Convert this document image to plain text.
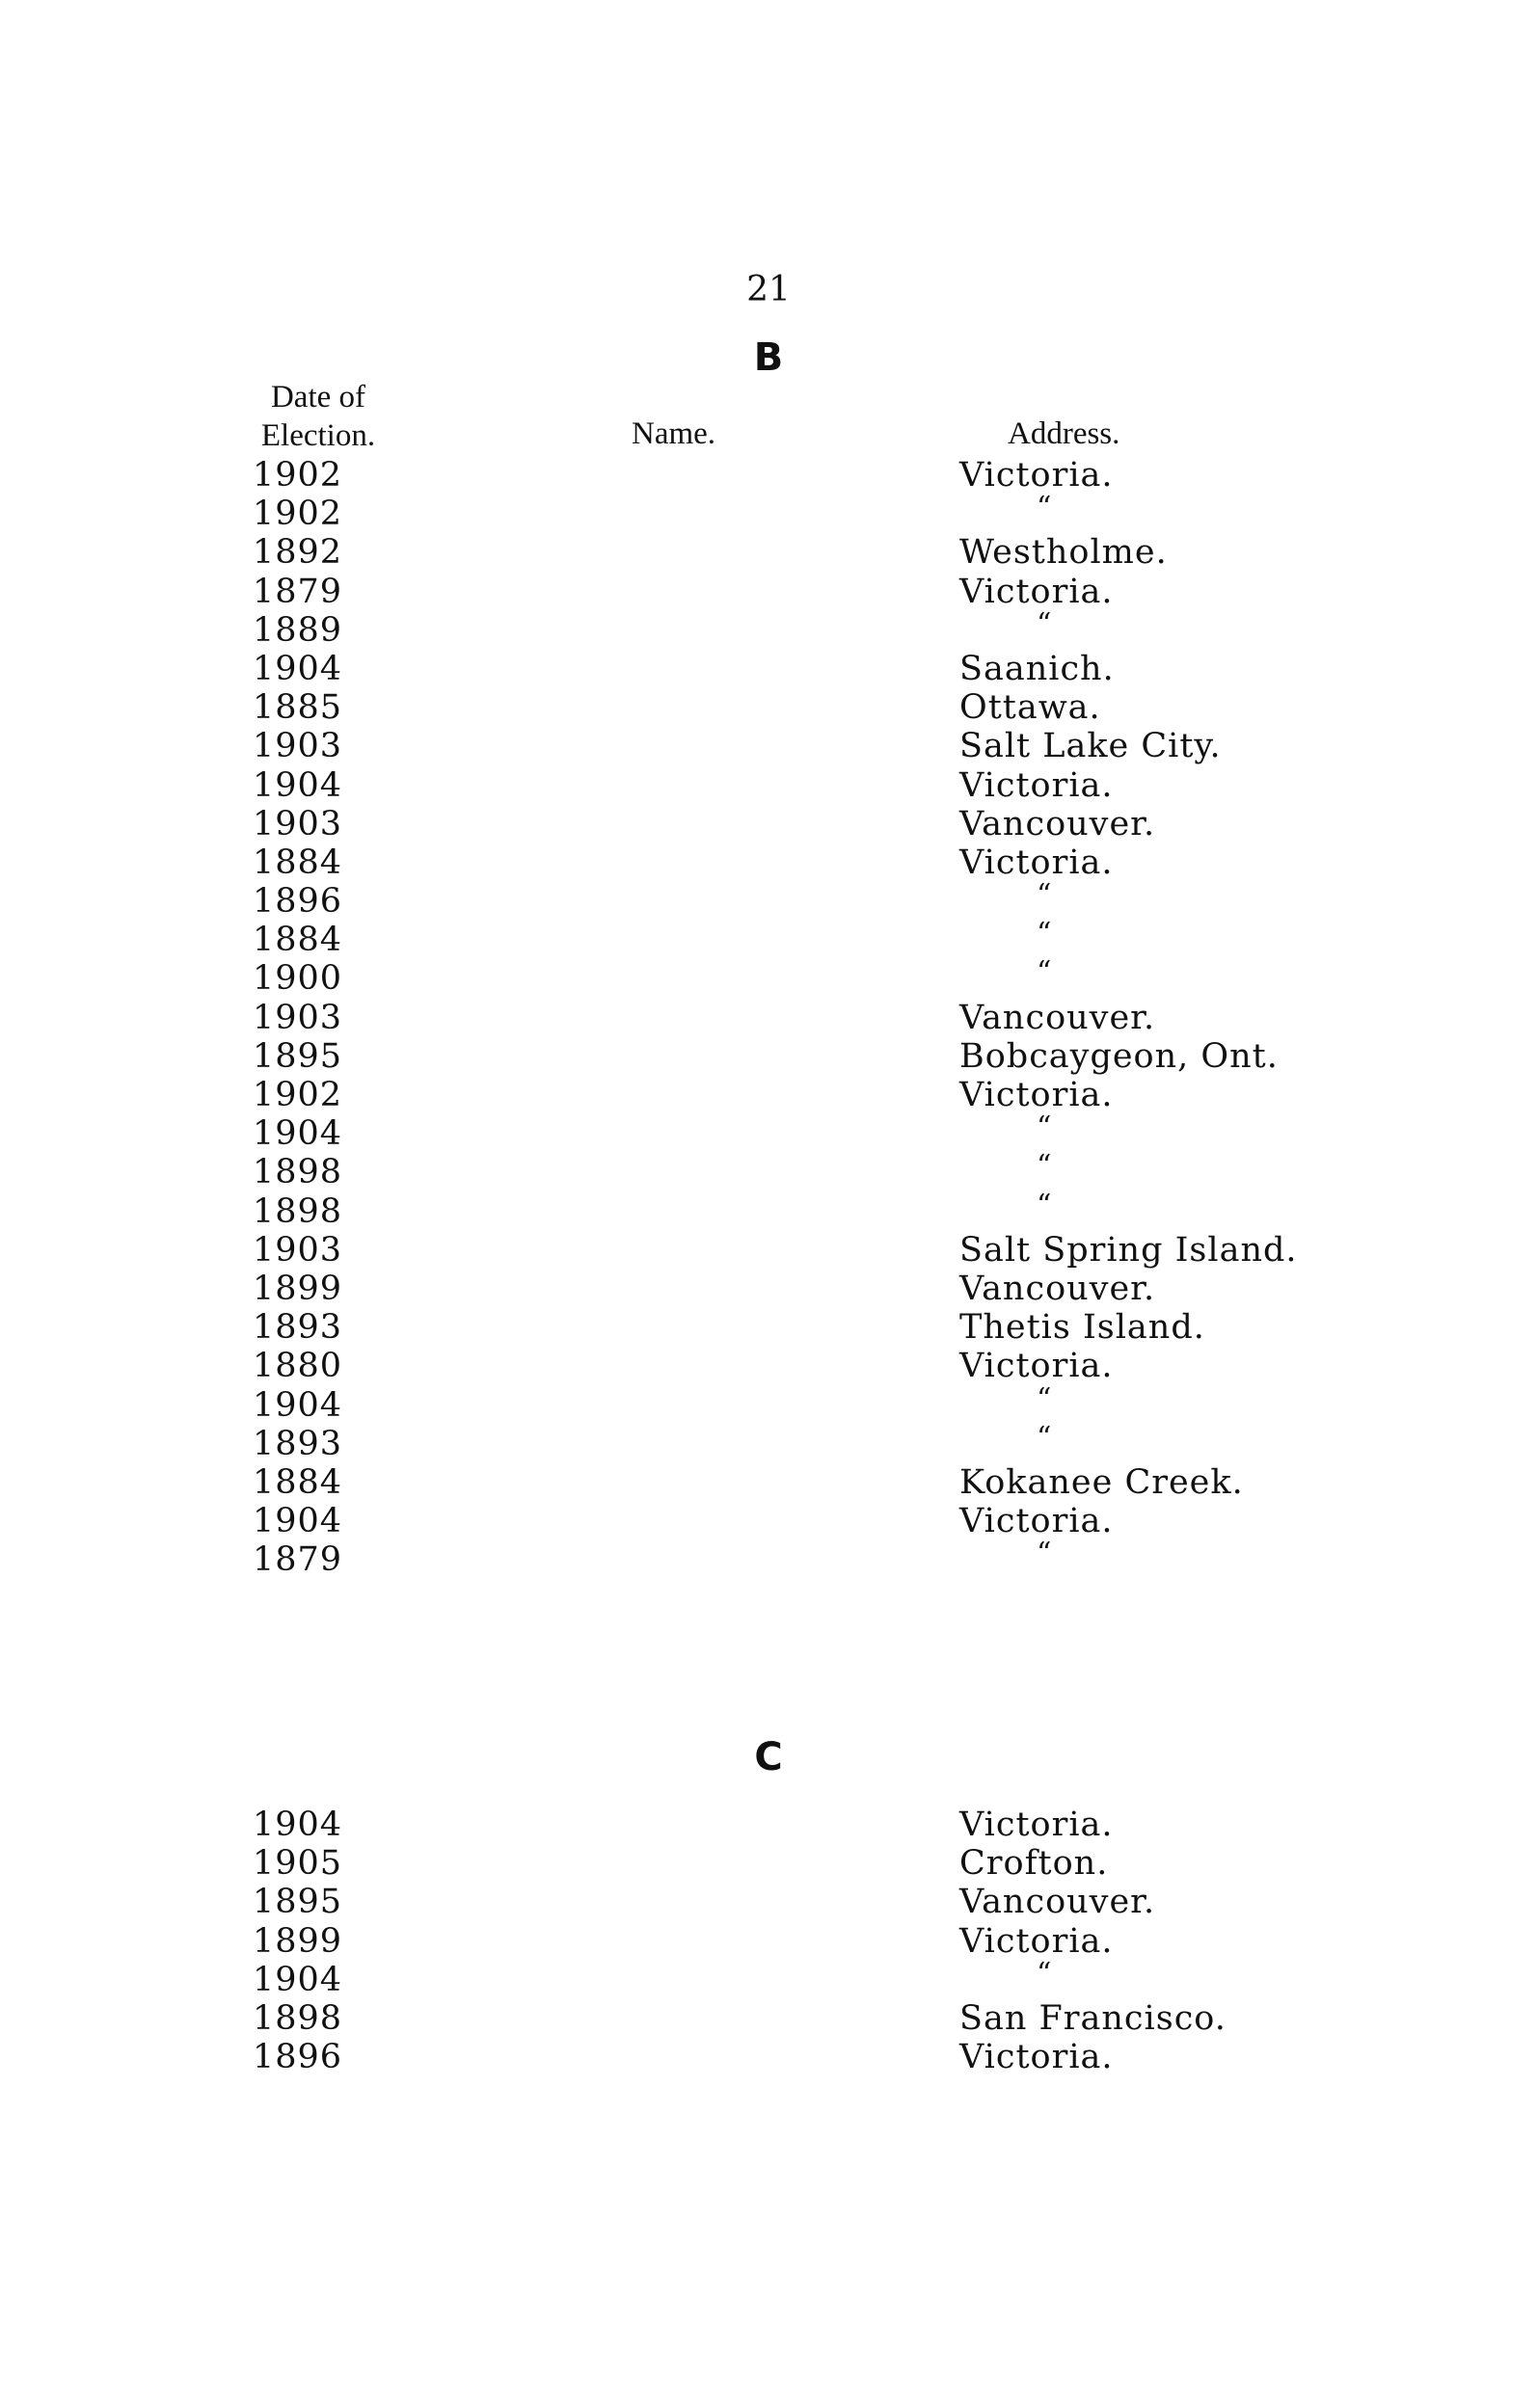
21
B
Date of
Election.	Name.	Address.
1902	Victoria.
1902	“
1892	Westholme.
1879	Victoria.
1889	“
1904	Saanich.
1885	Ottawa.
1903	Salt Lake City.
1904	Victoria.
1903	Vancouver.
1884	Victoria.
1896	“
1884	“
1900	“
1903	Vancouver.
1895	Bobcaygeon, Ont.
1902	Victoria.
1904	“
1898	“
1898	“
1903	Salt Spring Island.
1899	Vancouver.
1893	Thetis Island.
1880	Victoria.
1904	“
1893	“
1884	Kokanee Creek.
1904	Victoria.
1879	“
C
1904	Victoria.
1905	Crofton.
1895	Vancouver.
1899	Victoria.
1904	“
1898	San Francisco.
1896	Victoria.
